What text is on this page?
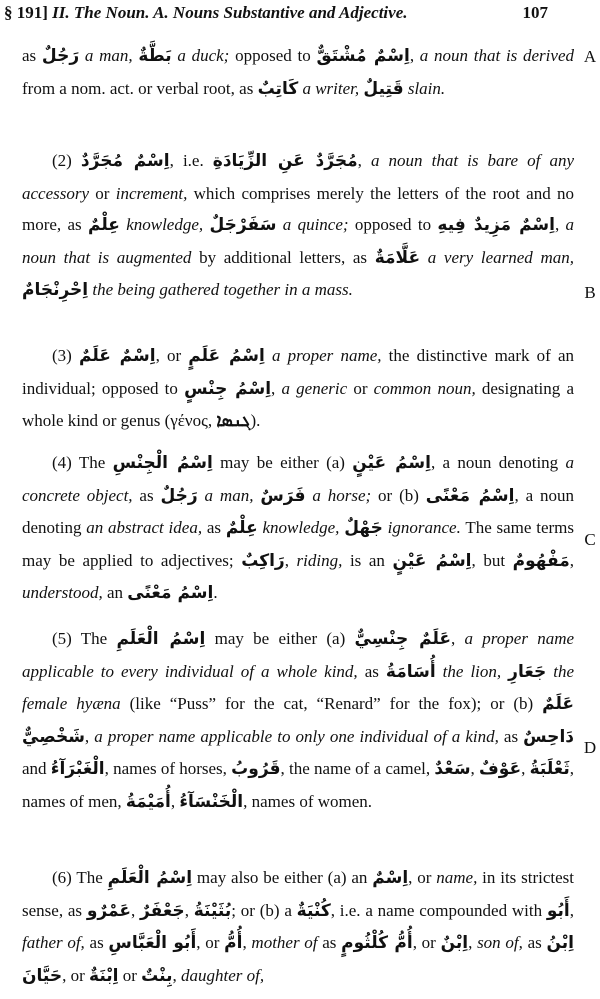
§ 191] II. The Noun. A. Nouns Substantive and Adjective.	107
as رَجُلٌ a man, بَطَّةٌ a duck; opposed to اِسْمٌ مُشْتَقٌّ, a noun that is derived from a nom. act. or verbal root, as كَاتِبٌ a writer, قَتِيلٌ slain.
(2) اِسْمٌ مُجَرَّدٌ, i.e. مُجَرَّدٌ عَنِ الزِّيَادَةِ, a noun that is bare of any accessory or increment, which comprises merely the letters of the root and no more, as عِلْمٌ knowledge, سَفَرْجَلٌ a quince; opposed to اِسْمٌ مَزِيدٌ فِيهِ, a noun that is augmented by additional letters, as عَلَّامَةٌ a very learned man, اِحْرِنْجَامٌ the being gathered together in a mass.
(3) اِسْمٌ عَلَمٌ, or اِسْمُ عَلَمٍ a proper name, the distinctive mark of an individual; opposed to اِسْمُ جِنْسٍ, a generic or common noun, designating a whole kind or genus (γένος, ܓܢܣܐ).
(4) The اِسْمُ الْجِنْسِ may be either (a) اِسْمُ عَيْنٍ, a noun denoting a concrete object, as رَجُلٌ a man, فَرَسٌ a horse; or (b) اِسْمُ مَعْنًى, a noun denoting an abstract idea, as عِلْمٌ knowledge, جَهْلٌ ignorance. The same terms may be applied to adjectives; رَاكِبٌ, riding, is an اِسْمُ عَيْنٍ, but مَفْهُومٌ, understood, an اِسْمُ مَعْنًى.
(5) The اِسْمُ الْعَلَمِ may be either (a) عَلَمٌ جِنْسِيٌّ, a proper name applicable to every individual of a whole kind, as أُسَامَةُ the lion, جَعَارِ the female hyæna (like “Puss” for the cat, “Renard” for the fox); or (b) عَلَمٌ شَخْصِيٌّ, a proper name applicable to only one individual of a kind, as دَاحِسٌ and الْغَبْرَآءُ, names of horses, قَرُوبُ, the name of a camel, سَعْدٌ, عَوْفٌ, ثَعْلَبَةُ, names of men, أُمَيْمَةُ, الْخَنْسَآءُ, names of women.
(6) The اِسْمُ الْعَلَمِ may also be either (a) an اِسْمٌ, or name, in its strictest sense, as عَمْرٌو, جَعْفَرٌ, بُثَيْنَةُ; or (b) a كُنْيَةٌ, i.e. a name compounded with أَبُو, father of, as أَبُو الْعَبَّاسِ, or أُمُّ, mother of as أُمُّ كُلْثُومٍ, or اِبْنٌ, son of, as اِبْنُ حَيَّانَ, or اِبْنَةٌ or بِنْتٌ, daughter of,
A
B
C
D
